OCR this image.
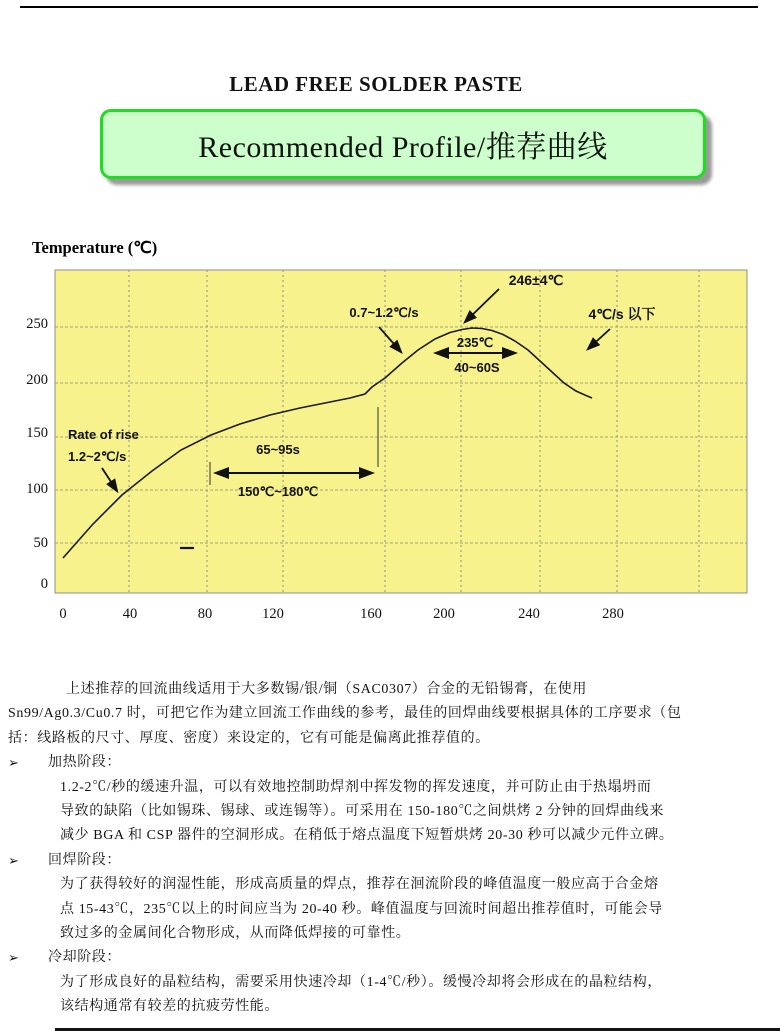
LEAD FREE SOLDER PASTE
Recommended Profile/推荐曲线
Temperature (℃)
250
200
150
100
50
0
0	40	80	120	160	200	240	280
65~95s
150℃~180℃
Rate of rise
1.2~2℃/s
0.7~1.2℃/s
246±4℃
235℃
40~60S
4℃/s 以下
上述推荐的回流曲线适用于大多数锡/银/铜（SAC0307）合金的无铅锡膏，在使用
Sn99/Ag0.3/Cu0.7 时，可把它作为建立回流工作曲线的参考，最佳的回焊曲线要根据具体的工序要求（包
括：线路板的尺寸、厚度、密度）来设定的，它有可能是偏离此推荐值的。
➢	加热阶段：
1.2-2℃/秒的缓速升温，可以有效地控制助焊剂中挥发物的挥发速度，并可防止由于热塌坍而
导致的缺陷（比如锡珠、锡球、或连锡等）。可采用在 150-180℃之间烘烤 2 分钟的回焊曲线来
减少 BGA 和 CSP 器件的空洞形成。在稍低于熔点温度下短暂烘烤 20-30 秒可以减少元件立碑。
➢	回焊阶段：
为了获得较好的润湿性能，形成高质量的焊点，推荐在洄流阶段的峰值温度一般应高于合金熔
点 15-43℃，235℃以上的时间应当为 20-40 秒。峰值温度与回流时间超出推荐值时，可能会导
致过多的金属间化合物形成，从而降低焊接的可靠性。
➢	冷却阶段：
为了形成良好的晶粒结构，需要采用快速冷却（1-4℃/秒）。缓慢冷却将会形成在的晶粒结构，
该结构通常有较差的抗疲劳性能。
